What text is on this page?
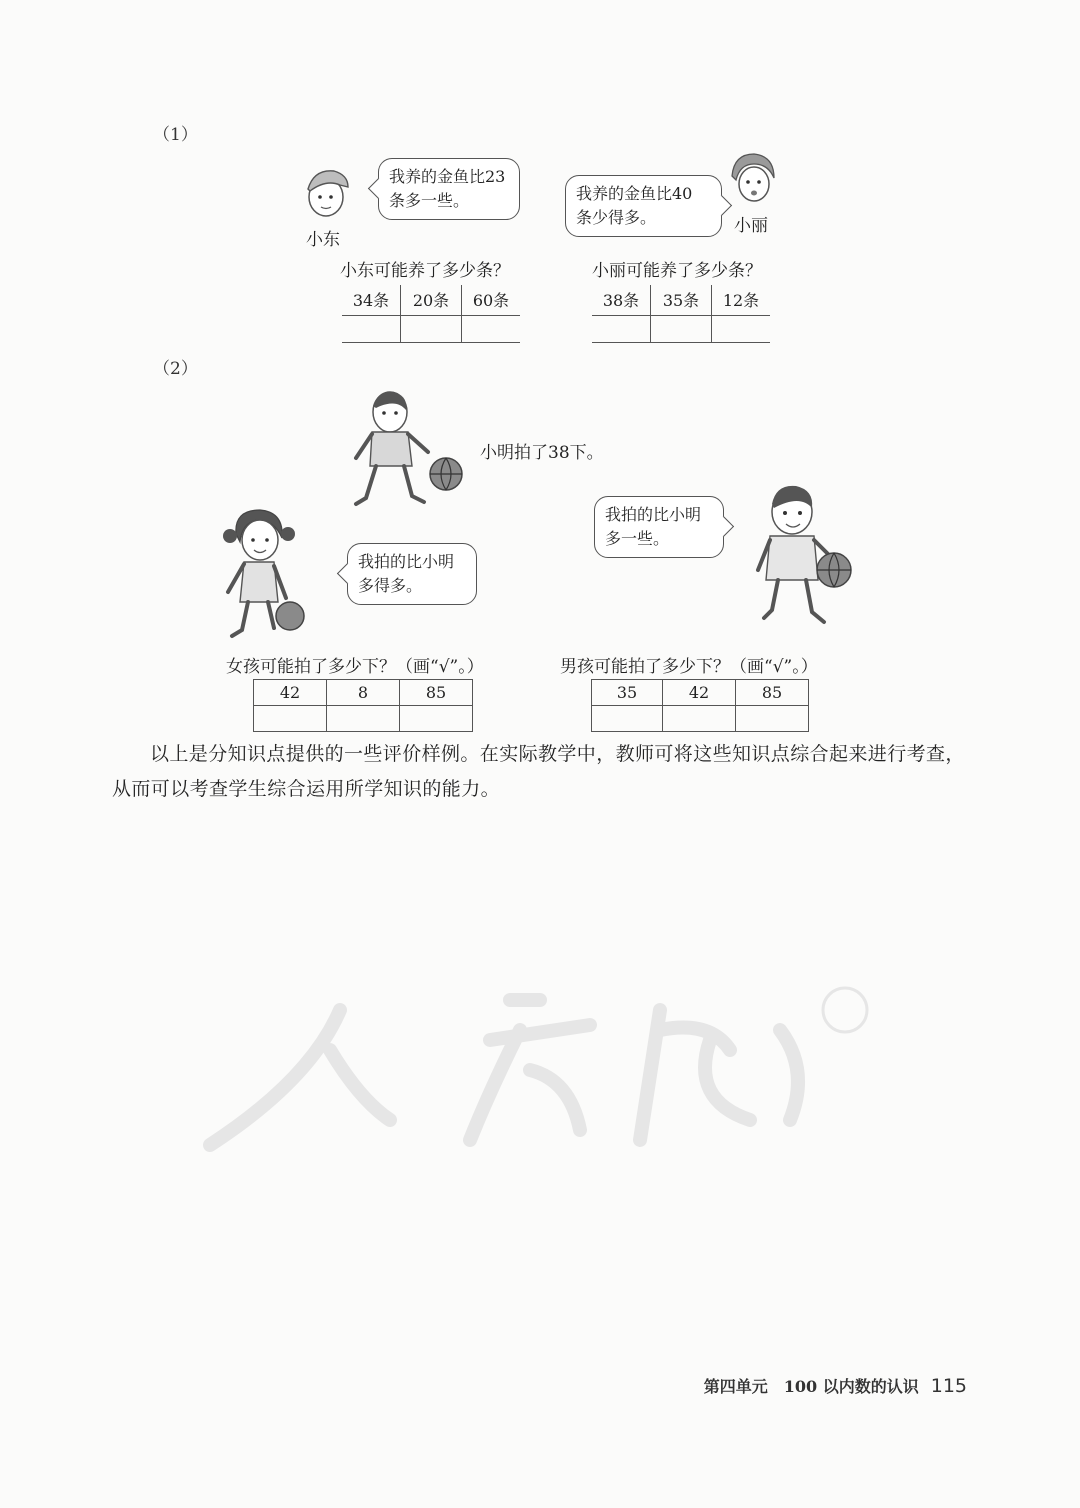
（1）
小东
我养的金鱼比23
条多一些。
小丽
我养的金鱼比40
条少得多。
小东可能养了多少条？	小丽可能养了多少条？
34条	20条	60条
			38条	35条	12条

（2）
小明拍了38下。
我拍的比小明
多得多。
我拍的比小明
多一些。
女孩可能拍了多少下？（画“√”。）	男孩可能拍了多少下？（画“√”。）
42	8	85
			35	42	85

以上是分知识点提供的一些评价样例。在实际教学中，教师可将这些知识点综合起来进行考查，从而可以考查学生综合运用所学知识的能力。
第四单元　100 以内数的认识 115
